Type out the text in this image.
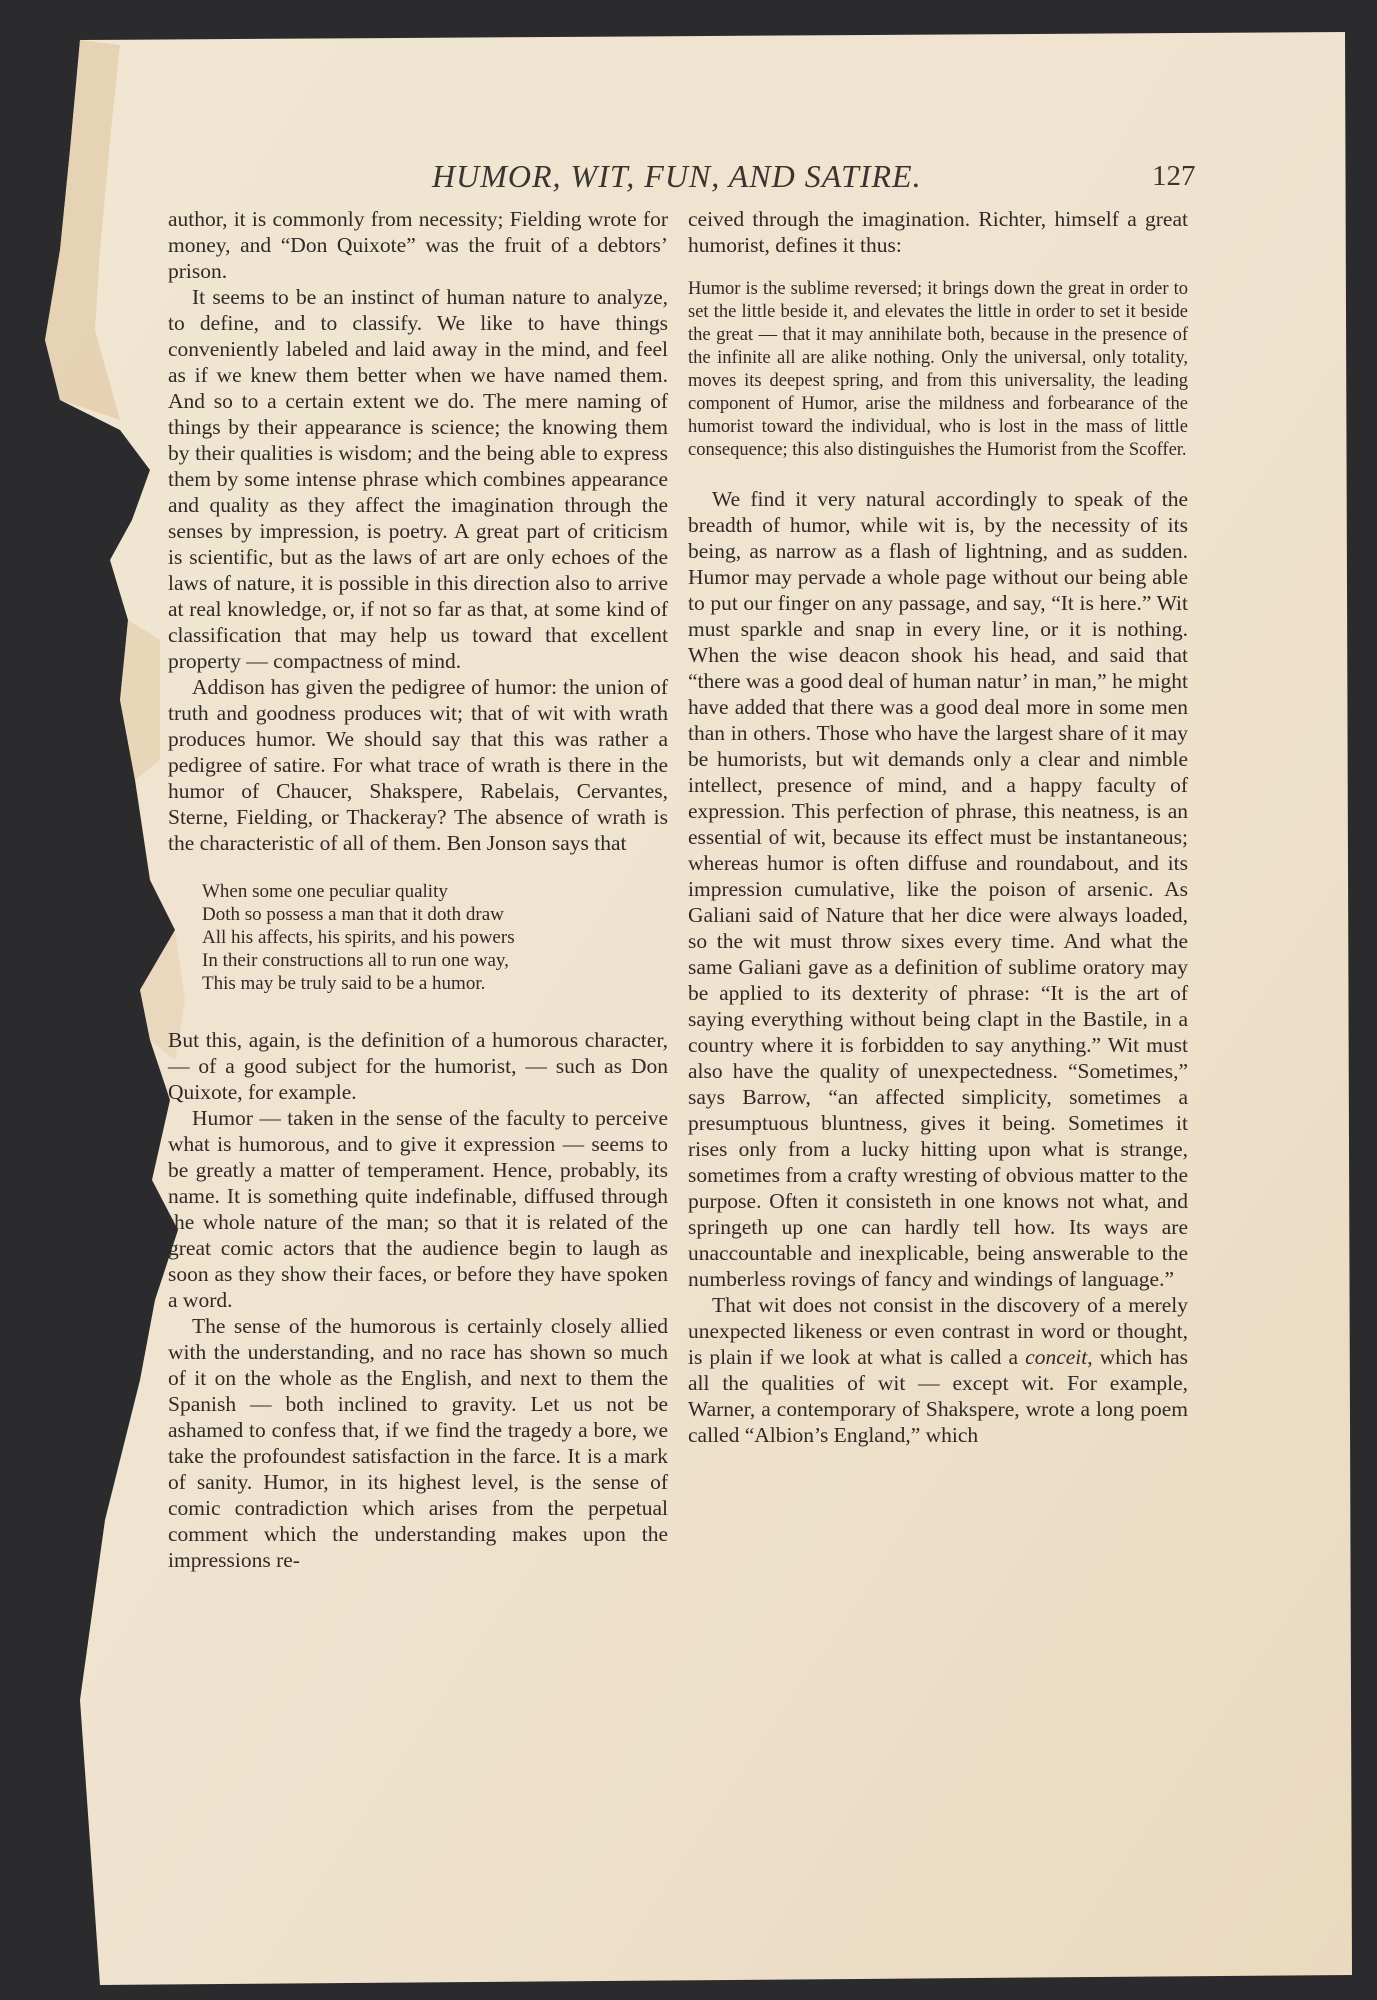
HUMOR, WIT, FUN, AND SATIRE.	127

author, it is commonly from necessity; Fielding wrote for money, and “Don Quixote” was the fruit of a debtors’ prison.

It seems to be an instinct of human nature to analyze, to define, and to classify. We like to have things conveniently labeled and laid away in the mind, and feel as if we knew them better when we have named them. And so to a certain extent we do. The mere naming of things by their appearance is science; the knowing them by their qualities is wisdom; and the being able to express them by some intense phrase which combines appearance and quality as they affect the imagination through the senses by impression, is poetry. A great part of criticism is scientific, but as the laws of art are only echoes of the laws of nature, it is possible in this direction also to arrive at real knowledge, or, if not so far as that, at some kind of classification that may help us toward that excellent property — compactness of mind.

Addison has given the pedigree of humor: the union of truth and goodness produces wit; that of wit with wrath produces humor. We should say that this was rather a pedigree of satire. For what trace of wrath is there in the humor of Chaucer, Shakspere, Rabelais, Cervantes, Sterne, Fielding, or Thackeray? The absence of wrath is the characteristic of all of them. Ben Jonson says that

When some one peculiar quality
Doth so possess a man that it doth draw
All his affects, his spirits, and his powers
In their constructions all to run one way,
This may be truly said to be a humor.

But this, again, is the definition of a humorous character, — of a good subject for the humorist, — such as Don Quixote, for example.

Humor — taken in the sense of the faculty to perceive what is humorous, and to give it expression — seems to be greatly a matter of temperament. Hence, probably, its name. It is something quite indefinable, diffused through the whole nature of the man; so that it is related of the great comic actors that the audience begin to laugh as soon as they show their faces, or before they have spoken a word.

The sense of the humorous is certainly closely allied with the understanding, and no race has shown so much of it on the whole as the English, and next to them the Spanish — both inclined to gravity. Let us not be ashamed to confess that, if we find the tragedy a bore, we take the profoundest satisfaction in the farce. It is a mark of sanity. Humor, in its highest level, is the sense of comic contradiction which arises from the perpetual comment which the understanding makes upon the impressions re-

ceived through the imagination. Richter, himself a great humorist, defines it thus:

Humor is the sublime reversed; it brings down the great in order to set the little beside it, and elevates the little in order to set it beside the great — that it may annihilate both, because in the presence of the infinite all are alike nothing. Only the universal, only totality, moves its deepest spring, and from this universality, the leading component of Humor, arise the mildness and forbearance of the humorist toward the individual, who is lost in the mass of little consequence; this also distinguishes the Humorist from the Scoffer.

We find it very natural accordingly to speak of the breadth of humor, while wit is, by the necessity of its being, as narrow as a flash of lightning, and as sudden. Humor may pervade a whole page without our being able to put our finger on any passage, and say, “It is here.” Wit must sparkle and snap in every line, or it is nothing. When the wise deacon shook his head, and said that “there was a good deal of human natur’ in man,” he might have added that there was a good deal more in some men than in others. Those who have the largest share of it may be humorists, but wit demands only a clear and nimble intellect, presence of mind, and a happy faculty of expression. This perfection of phrase, this neatness, is an essential of wit, because its effect must be instantaneous; whereas humor is often diffuse and roundabout, and its impression cumulative, like the poison of arsenic. As Galiani said of Nature that her dice were always loaded, so the wit must throw sixes every time. And what the same Galiani gave as a definition of sublime oratory may be applied to its dexterity of phrase: “It is the art of saying everything without being clapt in the Bastile, in a country where it is forbidden to say anything.” Wit must also have the quality of unexpectedness. “Sometimes,” says Barrow, “an affected simplicity, sometimes a presumptuous bluntness, gives it being. Sometimes it rises only from a lucky hitting upon what is strange, sometimes from a crafty wresting of obvious matter to the purpose. Often it consisteth in one knows not what, and springeth up one can hardly tell how. Its ways are unaccountable and inexplicable, being answerable to the numberless rovings of fancy and windings of language.”

That wit does not consist in the discovery of a merely unexpected likeness or even contrast in word or thought, is plain if we look at what is called a conceit, which has all the qualities of wit — except wit. For example, Warner, a contemporary of Shakspere, wrote a long poem called “Albion’s England,” which
